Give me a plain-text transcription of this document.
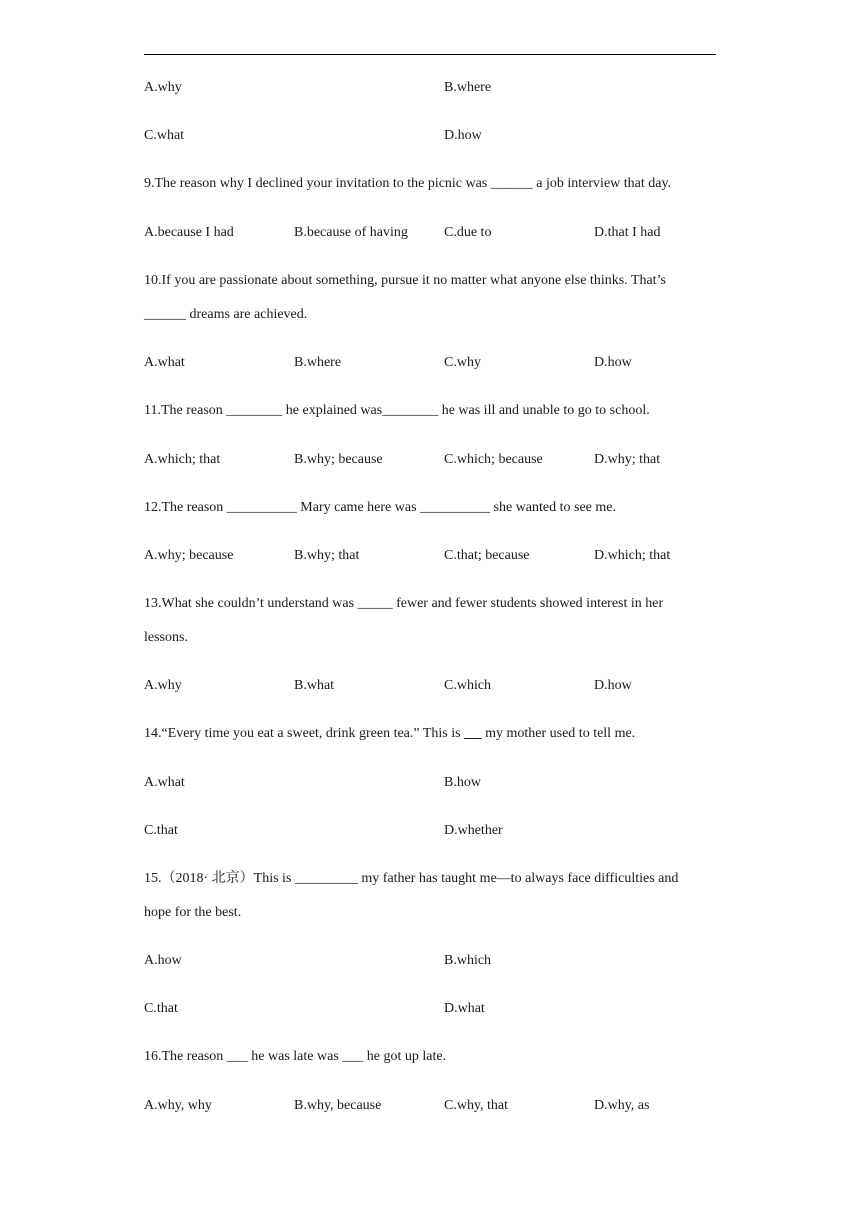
A.why	B.where
C.what	D.how
9.The reason why I declined your invitation to the picnic was ______ a job interview that day.
A.because I had	B.because of having	C.due to	D.that I had
10.If you are passionate about something, pursue it no matter what anyone else thinks. That’s
______ dreams are achieved.
A.what	B.where	C.why	D.how
11.The reason ________ he explained was________ he was ill and unable to go to school.
A.which; that	B.why; because	C.which; because	D.why; that
12.The reason __________ Mary came here was __________ she wanted to see me.
A.why; because	B.why; that	C.that; because	D.which; that
13.What she couldn’t understand was _____ fewer and fewer students showed interest in her
lessons.
A.why	B.what	C.which	D.how
14.“Every time you eat a sweet, drink green tea.” This is       my mother used to tell me.
A.what	B.how
C.that	D.whether
15.（2018· 北京）This is _________ my father has taught me—to always face difficulties and
hope for the best.
A.how	B.which
C.that	D.what
16.The reason ___ he was late was ___ he got up late.
A.why, why	B.why, because	C.why, that	D.why, as
